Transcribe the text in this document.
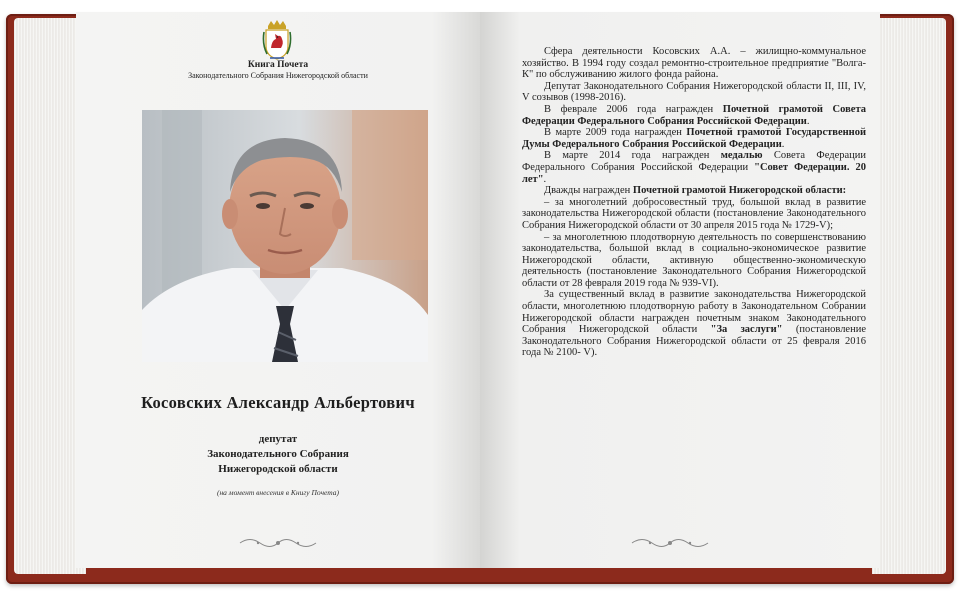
Книга Почета
Законодательного Собрания Нижегородской области
Косовских Александр Альбертович
депутат
Законодательного Собрания
Нижегородской области
(на момент внесения в Книгу Почета)

Сфера деятельности Косовских А.А. – жилищно-коммунальное хозяйство. В 1994 году создал ремонтно-строительное предприятие "Волга-К" по обслуживанию жилого фонда района.

Депутат Законодательного Собрания Нижегородской области II, III, IV, V созывов (1998-2016).

В феврале 2006 года награжден Почетной грамотой Совета Федерации Федерального Собрания Российской Федерации.

В марте 2009 года награжден Почетной грамотой Государственной Думы Федерального Собрания Российской Федерации.

В марте 2014 года награжден медалью Совета Федерации Федерального Собрания Российской Федерации "Совет Федерации. 20 лет".

Дважды награжден Почетной грамотой Нижегородской области:

– за многолетний добросовестный труд, большой вклад в развитие законодательства Нижегородской области (постановление Законодательного Собрания Нижегородской области от 30 апреля 2015 года № 1729-V);

– за многолетнюю плодотворную деятельность по совершенствованию законодательства, большой вклад в социально-экономическое развитие Нижегородской области, активную общественно-экономическую деятельность (постановление Законодательного Собрания Нижегородской области от 28 февраля 2019 года № 939-VI).

За существенный вклад в развитие законодательства Нижегородской области, многолетнюю плодотворную работу в Законодательном Собрании Нижегородской области награжден почетным знаком Законодательного Собрания Нижегородской области "За заслуги" (постановление Законодательного Собрания Нижегородской области от 25 февраля 2016 года № 2100- V).
